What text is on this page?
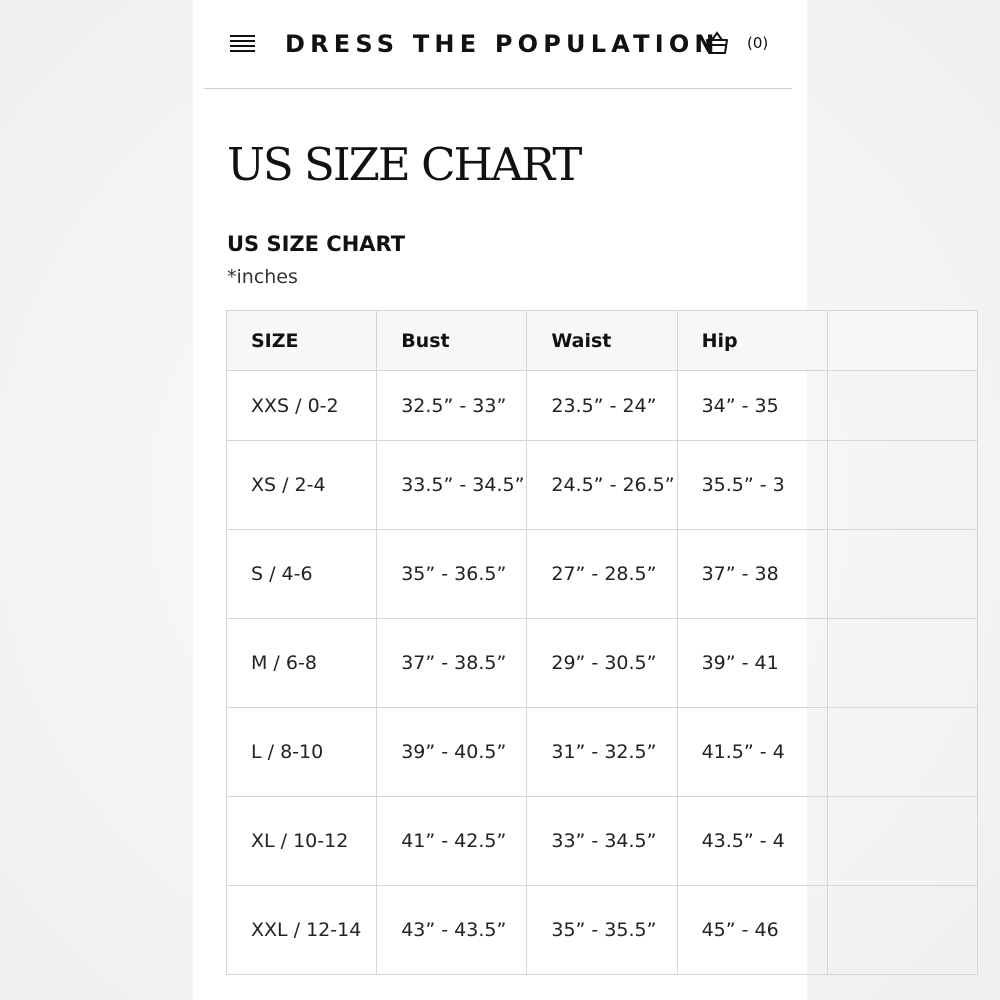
DRESS THE POPULATION (0)
US SIZE CHART
US SIZE CHART
*inches
SIZE	Bust	Waist	Hip	
XXS / 0-2	32.5” - 33”	23.5” - 24”	34” - 35	
XS / 2-4	33.5” - 34.5”	24.5” - 26.5”	35.5” - 3	
S / 4-6	35” - 36.5”	27” - 28.5”	37” - 38	
M / 6-8	37” - 38.5”	29” - 30.5”	39” - 41	
L / 8-10	39” - 40.5”	31” - 32.5”	41.5” - 4	
XL / 10-12	41” - 42.5”	33” - 34.5”	43.5” - 4	
XXL / 12-14	43” - 43.5”	35” - 35.5”	45” - 46	
